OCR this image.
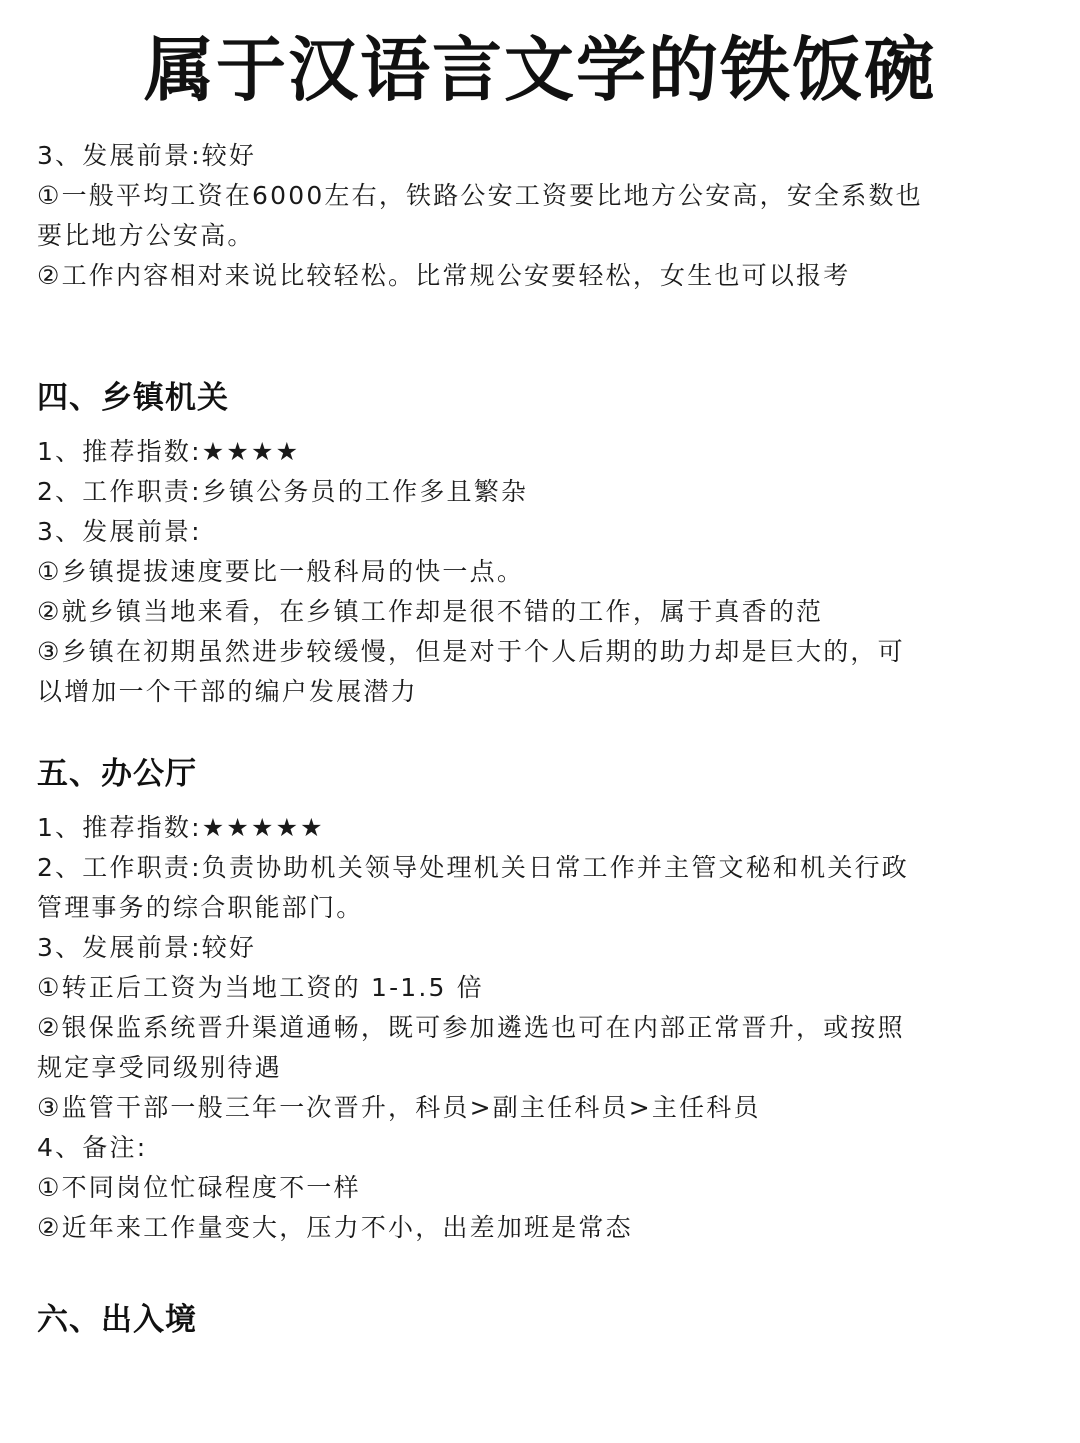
属于汉语言文学的铁饭碗
3、发展前景:较好
①一般平均工资在6000左右，铁路公安工资要比地方公安高，安全系数也
要比地方公安高。
②工作内容相对来说比较轻松。比常规公安要轻松，女生也可以报考
四、乡镇机关
1、推荐指数:★★★★
2、工作职责:乡镇公务员的工作多且繁杂
3、发展前景:
①乡镇提拔速度要比一般科局的快一点。
②就乡镇当地来看，在乡镇工作却是很不错的工作，属于真香的范
③乡镇在初期虽然进步较缓慢，但是对于个人后期的助力却是巨大的，可
以增加一个干部的编户发展潜力
五、办公厅
1、推荐指数:★★★★★
2、工作职责:负责协助机关领导处理机关日常工作并主管文秘和机关行政
管理事务的综合职能部门。
3、发展前景:较好
①转正后工资为当地工资的 1-1.5 倍
②银保监系统晋升渠道通畅，既可参加遴选也可在内部正常晋升，或按照
规定享受同级别待遇
③监管干部一般三年一次晋升，科员>副主任科员>主任科员
4、备注:
①不同岗位忙碌程度不一样
②近年来工作量变大，压力不小，出差加班是常态
六、出入境
